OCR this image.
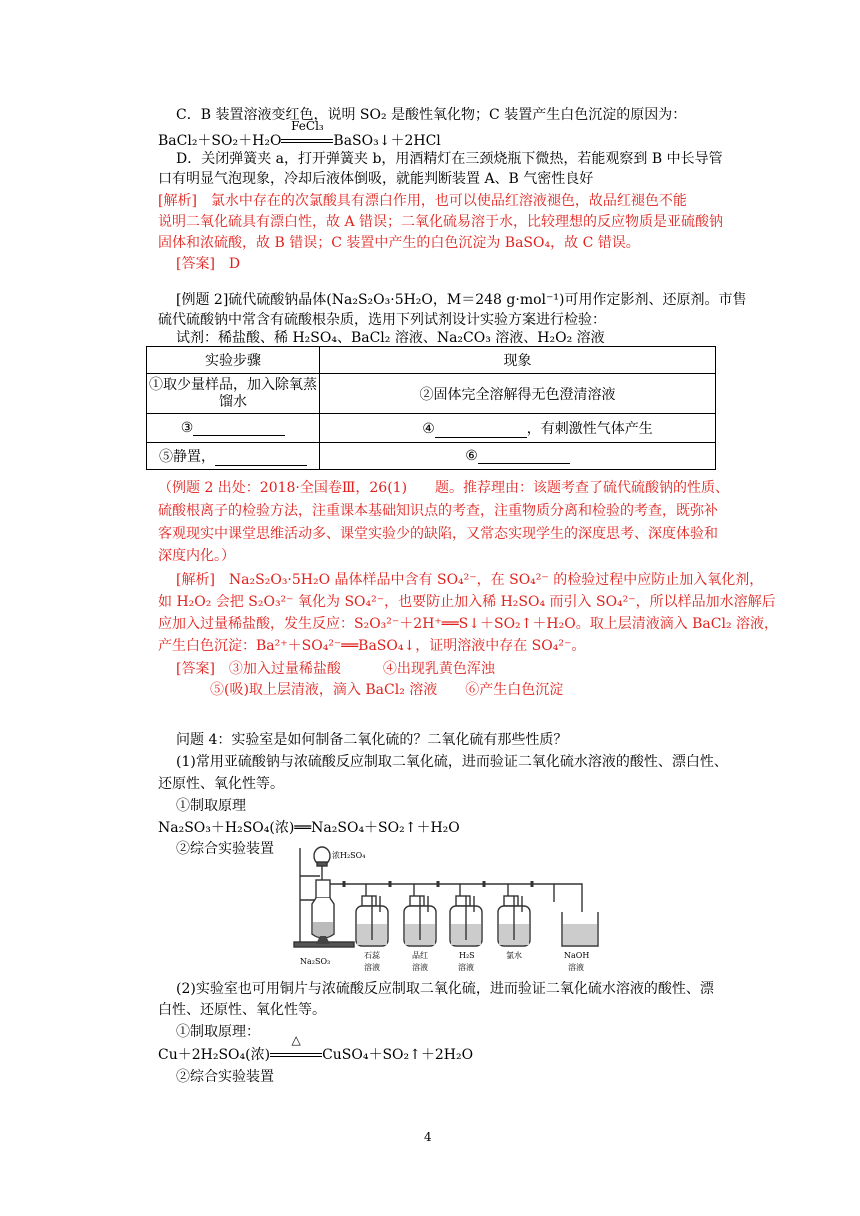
C．B 装置溶液变红色，说明 SO₂ 是酸性氧化物；C 装置产生白色沉淀的原因为：
BaCl₂＋SO₂＋H₂O
FeCl₃
BaSO₃↓＋2HCl
D．关闭弹簧夹 a，打开弹簧夹 b，用酒精灯在三颈烧瓶下微热，若能观察到 B 中长导管
口有明显气泡现象，冷却后液体倒吸，就能判断装置 A、B 气密性良好
[解析]　氯水中存在的次氯酸具有漂白作用，也可以使品红溶液褪色，故品红褪色不能
说明二氧化硫具有漂白性，故 A 错误；二氧化硫易溶于水，比较理想的反应物质是亚硫酸钠
固体和浓硫酸，故 B 错误；C 装置中产生的白色沉淀为 BaSO₄，故 C 错误。
[答案]　D
[例题 2]硫代硫酸钠晶体(Na₂S₂O₃·5H₂O，M＝248 g·mol⁻¹)可用作定影剂、还原剂。市售
硫代硫酸钠中常含有硫酸根杂质，选用下列试剂设计实验方案进行检验：
试剂：稀盐酸、稀 H₂SO₄、BaCl₂ 溶液、Na₂CO₃ 溶液、H₂O₂ 溶液
实验步骤	现象

①取少量样品，加入除氧蒸
馏水	②固体完全溶解得无色澄清溶液
③	④ ，有刺激性气体产生
⑤静置，	⑥
（例题 2 出处：2018·全国卷Ⅲ，26(1)　　题。推荐理由：该题考查了硫代硫酸钠的性质、
硫酸根离子的检验方法，注重课本基础知识点的考查，注重物质分离和检验的考查，既弥补
客观现实中课堂思维活动多、课堂实验少的缺陷，又常态实现学生的深度思考、深度体验和
深度内化。）
[解析]　Na₂S₂O₃·5H₂O 晶体样品中含有 SO₄²⁻，在 SO₄²⁻ 的检验过程中应防止加入氧化剂，
如 H₂O₂ 会把 S₂O₃²⁻ 氧化为 SO₄²⁻，也要防止加入稀 H₂SO₄ 而引入 SO₄²⁻，所以样品加水溶解后
应加入过量稀盐酸，发生反应：S₂O₃²⁻＋2H⁺══S↓＋SO₂↑＋H₂O。取上层清液滴入 BaCl₂ 溶液，
产生白色沉淀：Ba²⁺＋SO₄²⁻══BaSO₄↓，证明溶液中存在 SO₄²⁻。
[答案]　③加入过量稀盐酸　　　④出现乳黄色浑浊
⑤(吸)取上层清液，滴入 BaCl₂ 溶液　　⑥产生白色沉淀
问题 4：实验室是如何制备二氧化硫的？二氧化硫有那些性质？
(1)常用亚硫酸钠与浓硫酸反应制取二氧化硫，进而验证二氧化硫水溶液的酸性、漂白性、
还原性、氧化性等。
①制取原理
Na₂SO₃＋H₂SO₄(浓)══Na₂SO₄＋SO₂↑＋H₂O
②综合实验装置	浓H₂SO₄
Na₂SO₃
石蕊
溶液
品红
溶液
H₂S
溶液
氯水	NaOH
溶液
(2)实验室也可用铜片与浓硫酸反应制取二氧化硫，进而验证二氧化硫水溶液的酸性、漂
白性、还原性、氧化性等。
①制取原理：
Cu＋2H₂SO₄(浓)
△
CuSO₄＋SO₂↑＋2H₂O
②综合实验装置
4
